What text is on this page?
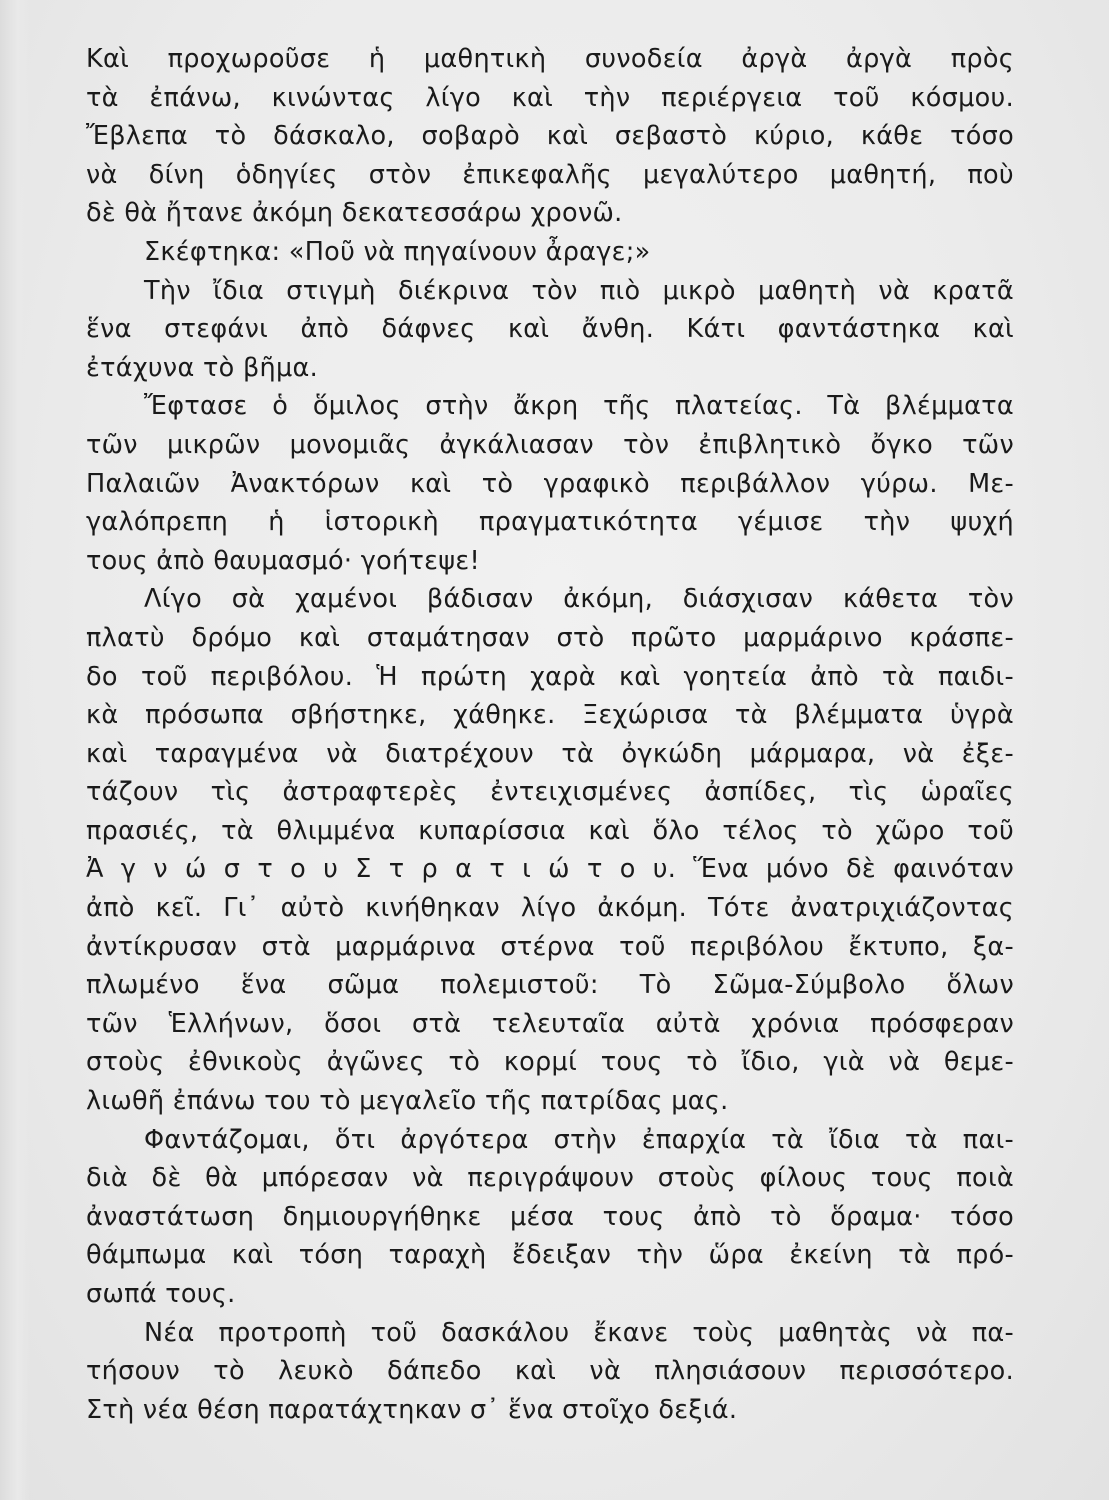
Καὶ προχωροῦσε ἡ μαθητικὴ συνοδεία ἀργὰ ἀργὰ πρὸς
τὰ ἐπάνω, κινώντας λίγο καὶ τὴν περιέργεια τοῦ κόσμου.
Ἔβλεπα τὸ δάσκαλο, σοβαρὸ καὶ σεβαστὸ κύριο, κάθε τόσο
νὰ δίνη ὁδηγίες στὸν ἐπικεφαλῆς μεγαλύτερο μαθητή, ποὺ
δὲ θὰ ἤτανε ἀκόμη δεκατεσσάρω χρονῶ.
Σκέφτηκα: «Ποῦ νὰ πηγαίνουν ἆραγε;»
Τὴν ἴδια στιγμὴ διέκρινα τὸν πιὸ μικρὸ μαθητὴ νὰ κρατᾶ
ἕνα στεφάνι ἀπὸ δάφνες καὶ ἄνθη. Κάτι φαντάστηκα καὶ
ἐτάχυνα τὸ βῆμα.
Ἔφτασε ὁ ὅμιλος στὴν ἄκρη τῆς πλατείας. Τὰ βλέμματα
τῶν μικρῶν μονομιᾶς ἀγκάλιασαν τὸν ἐπιβλητικὸ ὄγκο τῶν
Παλαιῶν Ἀνακτόρων καὶ τὸ γραφικὸ περιβάλλον γύρω. Με-
γαλόπρεπη ἡ ἱστορικὴ πραγματικότητα γέμισε τὴν ψυχή
τους ἀπὸ θαυμασμό· γοήτεψε!
Λίγο σὰ χαμένοι βάδισαν ἀκόμη, διάσχισαν κάθετα τὸν
πλατὺ δρόμο καὶ σταμάτησαν στὸ πρῶτο μαρμάρινο κράσπε-
δο τοῦ περιβόλου. Ἡ πρώτη χαρὰ καὶ γοητεία ἀπὸ τὰ παιδι-
κὰ πρόσωπα σβήστηκε, χάθηκε. Ξεχώρισα τὰ βλέμματα ὑγρὰ
καὶ ταραγμένα νὰ διατρέχουν τὰ ὀγκώδη μάρμαρα, νὰ ἐξε-
τάζουν τὶς ἀστραφτερὲς ἐντειχισμένες ἀσπίδες, τὶς ὡραῖες
πρασιές, τὰ θλιμμένα κυπαρίσσια καὶ ὅλο τέλος τὸ χῶρο τοῦ
Ἀ γ ν ώ σ τ ο υ Σ τ ρ α τ ι ώ τ ο υ. Ἕνα μόνο δὲ φαινόταν
ἀπὸ κεῖ. Γι᾿ αὐτὸ κινήθηκαν λίγο ἀκόμη. Τότε ἀνατριχιάζοντας
ἀντίκρυσαν στὰ μαρμάρινα στέρνα τοῦ περιβόλου ἔκτυπο, ξα-
πλωμένο ἕνα σῶμα πολεμιστοῦ: Τὸ Σῶμα-Σύμβολο ὅλων
τῶν Ἑλλήνων, ὅσοι στὰ τελευταῖα αὐτὰ χρόνια πρόσφεραν
στοὺς ἐθνικοὺς ἀγῶνες τὸ κορμί τους τὸ ἴδιο, γιὰ νὰ θεμε-
λιωθῆ ἐπάνω του τὸ μεγαλεῖο τῆς πατρίδας μας.
Φαντάζομαι, ὅτι ἀργότερα στὴν ἐπαρχία τὰ ἴδια τὰ παι-
διὰ δὲ θὰ μπόρεσαν νὰ περιγράψουν στοὺς φίλους τους ποιὰ
ἀναστάτωση δημιουργήθηκε μέσα τους ἀπὸ τὸ ὅραμα· τόσο
θάμπωμα καὶ τόση ταραχὴ ἔδειξαν τὴν ὥρα ἐκείνη τὰ πρό-
σωπά τους.
Νέα προτροπὴ τοῦ δασκάλου ἔκανε τοὺς μαθητὰς νὰ πα-
τήσουν τὸ λευκὸ δάπεδο καὶ νὰ πλησιάσουν περισσότερο.
Στὴ νέα θέση παρατάχτηκαν σ᾿ ἕνα στοῖχο δεξιά.
